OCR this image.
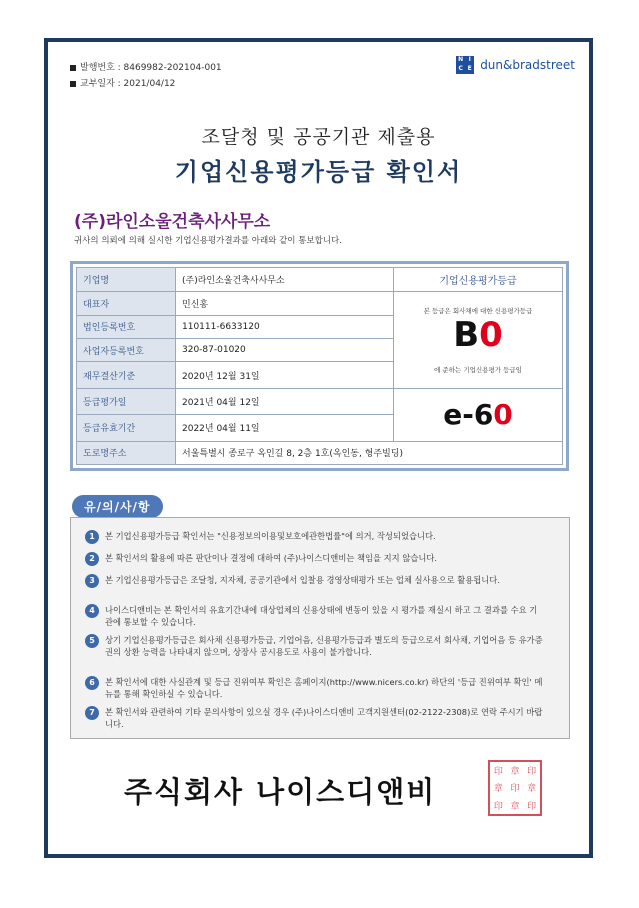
발행번호 : 8469982-202104-001
교부일자 : 2021/04/12
N I
C E dun&bradstreet
조달청 및 공공기관 제출용
기업신용평가등급 확인서
(주)라인소울건축사사무소
귀사의 의뢰에 의해 실시한 기업신용평가결과를 아래와 같이 통보합니다.
기업명	(주)라인소울건축사사무소	기업신용평가등급
대표자	민신홍	본 등급은 회사채에 대한 신용평가등급
B0
에 준하는 기업신용평가 등급임

법인등록번호	110111-6633120	
사업자등록번호	320-87-01020	
재무결산기준	2020년 12월 31일	
등급평가일	2021년 04월 12일	e-60

등급유효기간	2022년 04월 11일	
도로명주소	서울특별시 종로구 옥인길 8, 2층 1호(옥인동, 형주빌딩)	
유/의/사/항
1	본 기업신용평가등급 확인서는 "신용정보의이용및보호에관한법률"에 의거, 작성되었습니다.
2	본 확인서의 활용에 따른 판단이나 결정에 대하여 (주)나이스디앤비는 책임을 지지 않습니다.
3	본 기업신용평가등급은 조달청, 지자체, 공공기관에서 입찰용 경영상태평가 또는 업체 실사용으로 활용됩니다.
4	나이스디앤비는 본 확인서의 유효기간내에 대상업체의 신용상태에 변동이 있을 시 평가를 재실시 하고 그 결과를 수요 기관에 통보할 수 있습니다.
5	상기 기업신용평가등급은 회사채 신용평가등급, 기업어음, 신용평가등급과 별도의 등급으로서 회사채, 기업어음 등 유가증권의 상환 능력을 나타내지 않으며, 상장사 공시용도로 사용이 불가합니다.
6	본 확인서에 대한 사실관계 및 등급 진위여부 확인은 홈페이지(http://www.nicers.co.kr) 하단의 '등급 진위여부 확인' 메뉴를 통해 확인하실 수 있습니다.
7	본 확인서와 관련하여 기타 문의사항이 있으실 경우 (주)나이스디앤비 고객지원센터(02-2122-2308)로 연락 주시기 바랍니다.
주식회사 나이스디앤비
印 章 印
章 印 章
印 章 印
